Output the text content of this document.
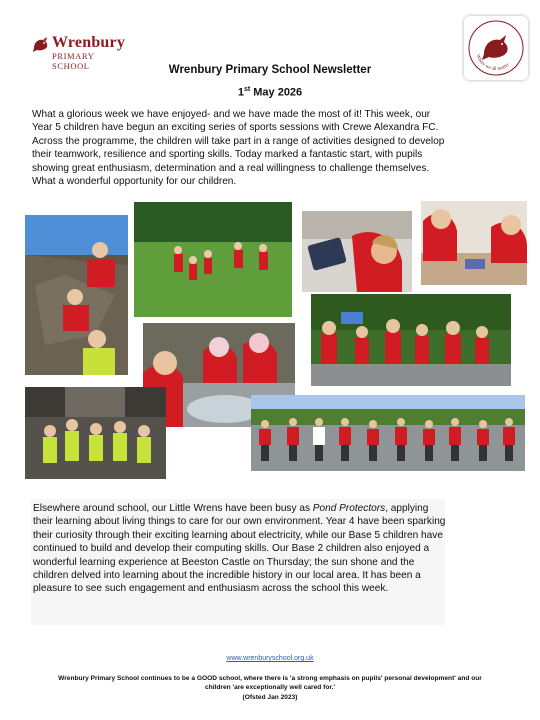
Wrenbury
PRIMARY SCHOOL
Where we all matter
Wrenbury Primary School Newsletter
1st May 2026
What a glorious week we have enjoyed- and we have made the most of it! This week, our Year 5 children have begun an exciting series of sports sessions with Crewe Alexandra FC. Across the programme, the children will take part in a range of activities designed to develop their teamwork, resilience and sporting skills. Today marked a fantastic start, with pupils showing great enthusiasm, determination and a real willingness to challenge themselves. What a wonderful opportunity for our children.
Elsewhere around school, our Little Wrens have been busy as Pond Protectors, applying their learning about living things to care for our own environment. Year 4 have been sparking their curiosity through their exciting learning about electricity, while our Base 5 children have continued to build and develop their computing skills. Our Base 2 children also enjoyed a wonderful learning experience at Beeston Castle on Thursday; the sun shone and the children delved into learning about the incredible history in our local area. It has been a pleasure to see such engagement and enthusiasm across the school this week.
www.wrenburyschool.org.uk
Wrenbury Primary School continues to be a GOOD school, where there is 'a strong emphasis on pupils' personal development' and our
children 'are exceptionally well cared for.'
(Ofsted Jan 2023)
